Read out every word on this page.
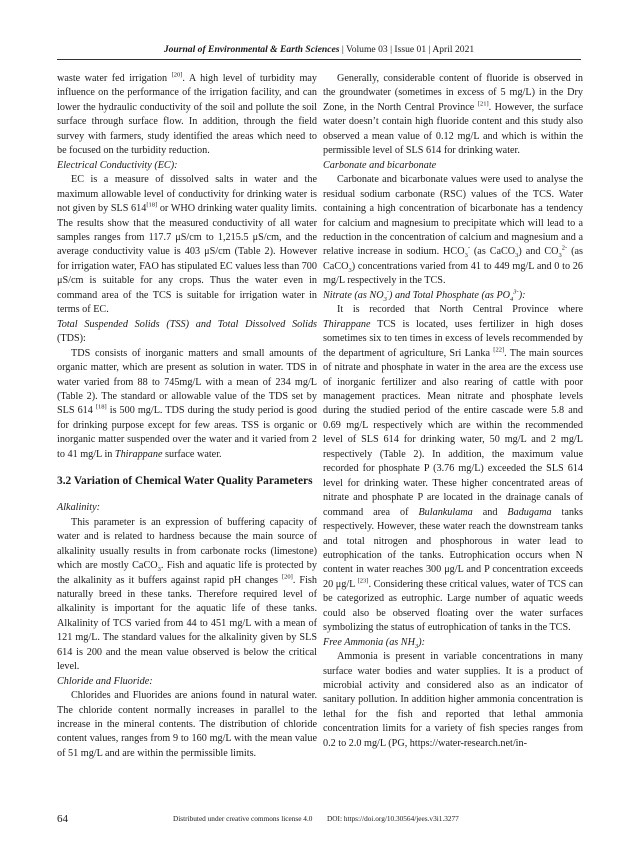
Journal of Environmental & Earth Sciences | Volume 03 | Issue 01 | April 2021

waste water fed irrigation [20]. A high level of turbidity may influence on the performance of the irrigation facility, and can lower the hydraulic conductivity of the soil and pollute the soil surface through surface flow. In addition, through the field survey with farmers, study identified the areas which need to be focused on the turbidity reduction.

Electrical Conductivity (EC):

EC is a measure of dissolved salts in water and the maximum allowable level of conductivity for drinking water is not given by SLS 614[18] or WHO drinking water quality limits. The results show that the measured conductivity of all water samples ranges from 117.7 μS/cm to 1,215.5 μS/cm, and the average conductivity value is 403 μS/cm (Table 2). However for irrigation water, FAO has stipulated EC values less than 700 μS/cm is suitable for any crops. Thus the water even in command area of the TCS is suitable for irrigation water in terms of EC.

Total Suspended Solids (TSS) and Total Dissolved Solids (TDS):

TDS consists of inorganic matters and small amounts of organic matter, which are present as solution in water. TDS in water varied from 88 to 745mg/L with a mean of 234 mg/L (Table 2). The standard or allowable value of the TDS set by SLS 614 [18] is 500 mg/L. TDS during the study period is good for drinking purpose except for few areas. TSS is organic or inorganic matter suspended over the water and it varied from 2 to 41 mg/L in Thirappane surface water.

3.2 Variation of Chemical Water Quality Parameters

Alkalinity:

This parameter is an expression of buffering capacity of water and is related to hardness because the main source of alkalinity usually results in from carbonate rocks (limestone) which are mostly CaCO$_3$. Fish and aquatic life is protected by the alkalinity as it buffers against rapid pH changes [20]. Fish naturally breed in these tanks. Therefore required level of alkalinity is important for the aquatic life of these tanks. Alkalinity of TCS varied from 44 to 451 mg/L with a mean of 121 mg/L. The standard values for the alkalinity given by SLS 614 is 200 and the mean value observed is below the critical level.

Chloride and Fluoride:

Chlorides and Fluorides are anions found in natural water. The chloride content normally increases in parallel to the increase in the mineral contents. The distribution of chloride content values, ranges from 9 to 160 mg/L with the mean value of 51 mg/L and are within the permissible limits.

Generally, considerable content of fluoride is observed in the groundwater (sometimes in excess of 5 mg/L) in the Dry Zone, in the North Central Province [21]. However, the surface water doesn’t contain high fluoride content and this study also observed a mean value of 0.12 mg/L and which is within the permissible level of SLS 614 for drinking water.

Carbonate and bicarbonate

Carbonate and bicarbonate values were used to analyse the residual sodium carbonate (RSC) values of the TCS. Water containing a high concentration of bicarbonate has a tendency for calcium and magnesium to precipitate which will lead to a reduction in the concentration of calcium and magnesium and a relative increase in sodium. $HCO_3^-$ (as CaCO$_3$) and $CO_3^{2-}$ (as CaCO$_3$) concentrations varied from 41 to 449 mg/L and 0 to 26 mg/L respectively in the TCS.

Nitrate (as $NO_3^-$) and Total Phosphate (as $PO_4^{3-}$):

It is recorded that North Central Province where Thirappane TCS is located, uses fertilizer in high doses sometimes six to ten times in excess of levels recommended by the department of agriculture, Sri Lanka [22]. The main sources of nitrate and phosphate in water in the area are the excess use of inorganic fertilizer and also rearing of cattle with poor management practices. Mean nitrate and phosphate levels during the studied period of the entire cascade were 5.8 and 0.69 mg/L respectively which are within the recommended level of SLS 614 for drinking water, 50 mg/L and 2 mg/L respectively (Table 2). In addition, the maximum value recorded for phosphate P (3.76 mg/L) exceeded the SLS 614 level for drinking water. These higher concentrated areas of nitrate and phosphate P are located in the drainage canals of command area of Bulankulama and Badugama tanks respectively. However, these water reach the downstream tanks and total nitrogen and phosphorous in water lead to eutrophication of the tanks. Eutrophication occurs when N content in water reaches 300 μg/L and P concentration exceeds 20 μg/L [23]. Considering these critical values, water of TCS can be categorized as eutrophic. Large number of aquatic weeds could also be observed floating over the water surfaces symbolizing the status of eutrophication of tanks in the TCS.

Free Ammonia (as $NH_3$):

Ammonia is present in variable concentrations in many surface water bodies and water supplies. It is a product of microbial activity and considered also as an indicator of sanitary pollution. In addition higher ammonia concentration is lethal for the fish and reported that lethal ammonia concentration limits for a variety of fish species ranges from 0.2 to 2.0 mg/L (PG, https://water-research.net/in-

64	Distributed under creative commons license 4.0 DOI: https://doi.org/10.30564/jees.v3i1.3277
